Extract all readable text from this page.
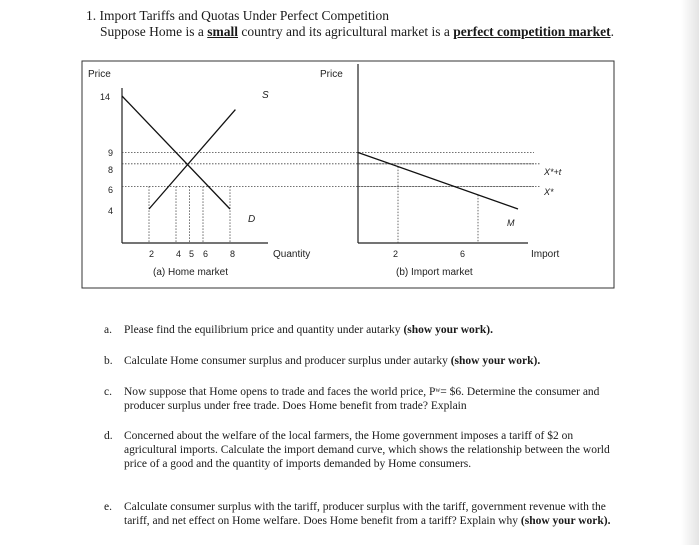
1. Import Tariffs and Quotas Under Perfect Competition
Suppose Home is a small country and its agricultural market is a perfect competition market.
Price
Quantity
(a) Home market
14
9
8
6
4
2 4 5 6 8
S
D
Price
Import
(b) Import market
2	6
M
X*+t
X*
a. Please find the equilibrium price and quantity under autarky (show your work).
b. Calculate Home consumer surplus and producer surplus under autarky (show your work).
c. Now suppose that Home opens to trade and faces the world price, Pʷ= $6. Determine the consumer and producer surplus under free trade. Does Home benefit from trade? Explain
d. Concerned about the welfare of the local farmers, the Home government imposes a tariff of $2 on agricultural imports. Calculate the import demand curve, which shows the relationship between the world price of a good and the quantity of imports demanded by Home consumers.
e. Calculate consumer surplus with the tariff, producer surplus with the tariff, government revenue with the tariff, and net effect on Home welfare. Does Home benefit from a tariff? Explain why (show your work).
